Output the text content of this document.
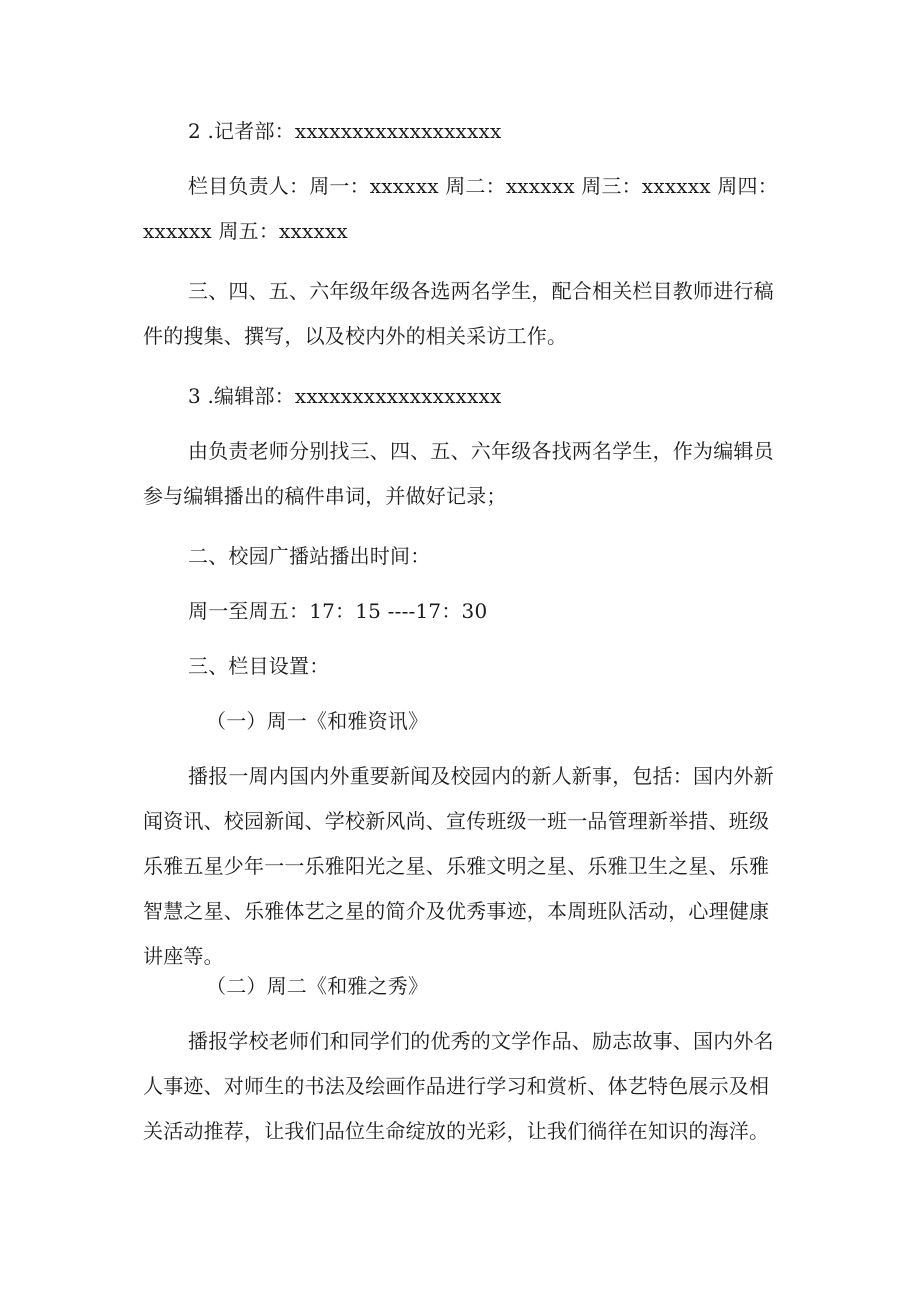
2 .记者部：xxxxxxxxxxxxxxxxxx
栏目负责人：周一：xxxxxx 周二：xxxxxx 周三：xxxxxx 周四：xxxxxx 周五：xxxxxx
三、四、五、六年级年级各选两名学生，配合相关栏目教师进行稿件的搜集、撰写，以及校内外的相关采访工作。
3 .编辑部：xxxxxxxxxxxxxxxxxx
由负责老师分别找三、四、五、六年级各找两名学生，作为编辑员参与编辑播出的稿件串词，并做好记录；
二、校园广播站播出时间：
周一至周五：17：15 ----17：30
三、栏目设置：
（一）周一《和雅资讯》
播报一周内国内外重要新闻及校园内的新人新事，包括：国内外新闻资讯、校园新闻、学校新风尚、宣传班级一班一品管理新举措、班级乐雅五星少年一一乐雅阳光之星、乐雅文明之星、乐雅卫生之星、乐雅智慧之星、乐雅体艺之星的简介及优秀事迹，本周班队活动，心理健康讲座等。
（二）周二《和雅之秀》
播报学校老师们和同学们的优秀的文学作品、励志故事、国内外名人事迹、对师生的书法及绘画作品进行学习和赏析、体艺特色展示及相关活动推荐，让我们品位生命绽放的光彩，让我们徜徉在知识的海洋。
